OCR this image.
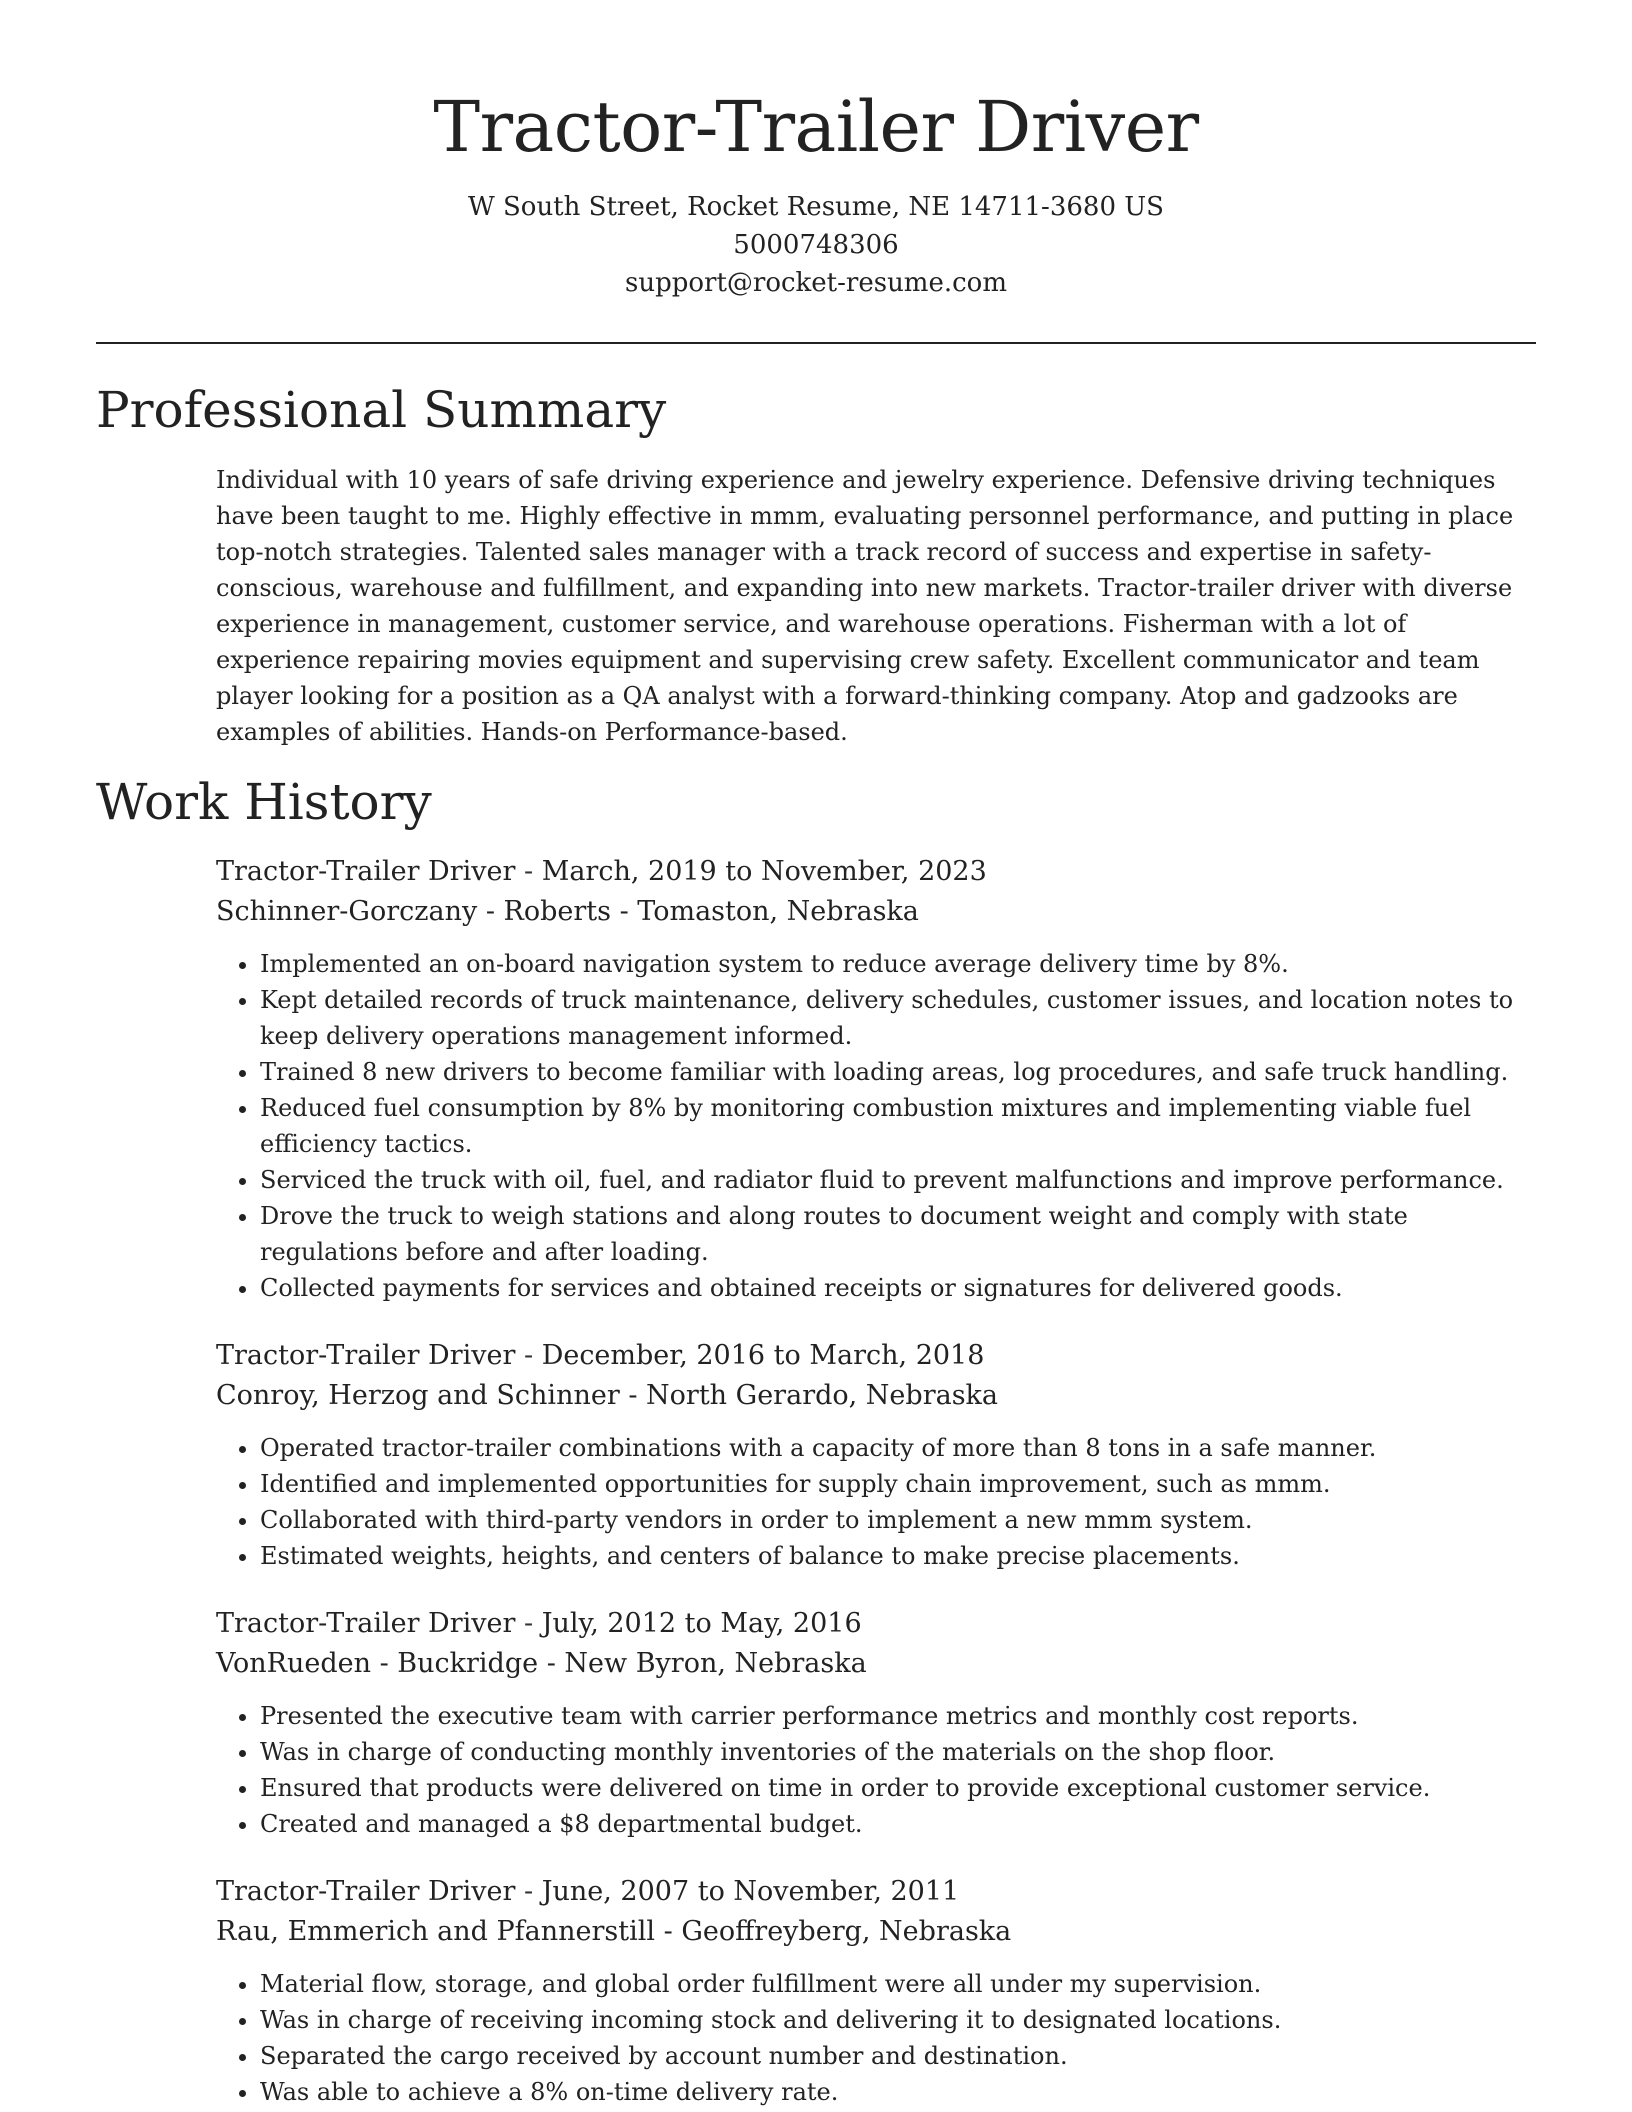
Tractor-Trailer Driver
W South Street, Rocket Resume, NE 14711-3680 US
5000748306
support@rocket-resume.com
Professional Summary

Individual with 10 years of safe driving experience and jewelry experience. Defensive driving techniques have been taught to me. Highly effective in mmm, evaluating personnel performance, and putting in place top-notch strategies. Talented sales manager with a track record of success and expertise in safety-conscious, warehouse and fulfillment, and expanding into new markets. Tractor-trailer driver with diverse experience in management, customer service, and warehouse operations. Fisherman with a lot of experience repairing movies equipment and supervising crew safety. Excellent communicator and team player looking for a position as a QA analyst with a forward-thinking company. Atop and gadzooks are examples of abilities. Hands-on Performance-based.

Work History
Tractor-Trailer Driver - March, 2019 to November, 2023
Schinner-Gorczany - Roberts - Tomaston, Nebraska
• Implemented an on-board navigation system to reduce average delivery time by 8%.
• Kept detailed records of truck maintenance, delivery schedules, customer issues, and location notes to keep delivery operations management informed.
• Trained 8 new drivers to become familiar with loading areas, log procedures, and safe truck handling.
• Reduced fuel consumption by 8% by monitoring combustion mixtures and implementing viable fuel efficiency tactics.
• Serviced the truck with oil, fuel, and radiator fluid to prevent malfunctions and improve performance.
• Drove the truck to weigh stations and along routes to document weight and comply with state regulations before and after loading.
• Collected payments for services and obtained receipts or signatures for delivered goods.
Tractor-Trailer Driver - December, 2016 to March, 2018
Conroy, Herzog and Schinner - North Gerardo, Nebraska
• Operated tractor-trailer combinations with a capacity of more than 8 tons in a safe manner.
• Identified and implemented opportunities for supply chain improvement, such as mmm.
• Collaborated with third-party vendors in order to implement a new mmm system.
• Estimated weights, heights, and centers of balance to make precise placements.
Tractor-Trailer Driver - July, 2012 to May, 2016
VonRueden - Buckridge - New Byron, Nebraska
• Presented the executive team with carrier performance metrics and monthly cost reports.
• Was in charge of conducting monthly inventories of the materials on the shop floor.
• Ensured that products were delivered on time in order to provide exceptional customer service.
• Created and managed a $8 departmental budget.
Tractor-Trailer Driver - June, 2007 to November, 2011
Rau, Emmerich and Pfannerstill - Geoffreyberg, Nebraska
• Material flow, storage, and global order fulfillment were all under my supervision.
• Was in charge of receiving incoming stock and delivering it to designated locations.
• Separated the cargo received by account number and destination.
• Was able to achieve a 8% on-time delivery rate.
